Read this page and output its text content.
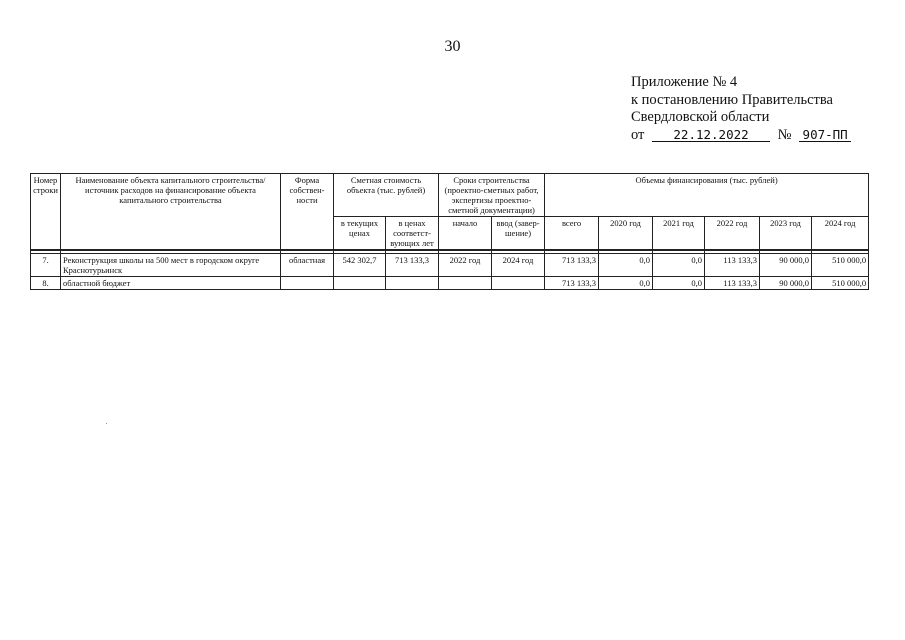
30
Приложение № 4
к постановлению Правительства
Свердловской области
от 22.12.2022 № 907-ПП
Номер строки	Наименование объекта капитального строительства/ источник расходов на финансирование объекта капитального строительства	Форма собствен-ности	Сметная стоимость объекта (тыс. рублей)		Сроки строительства (проектно-сметных работ, экспертизы проектно-сметной документации)		Объемы финансирования (тыс. рублей)					
			в текущих ценах	в ценах соответст-вующих лет	начало	ввод (завер-шение)	всего	2020 год	2021 год	2022 год	2023 год	2024 год

7.	Реконструкция школы на 500 мест в городском округе Краснотурьинск	областная	542 302,7	713 133,3	2022 год	2024 год	713 133,3	0,0	0,0	113 133,3	90 000,0	510 000,0
8.	областной бюджет						713 133,3	0,0	0,0	113 133,3	90 000,0	510 000,0
